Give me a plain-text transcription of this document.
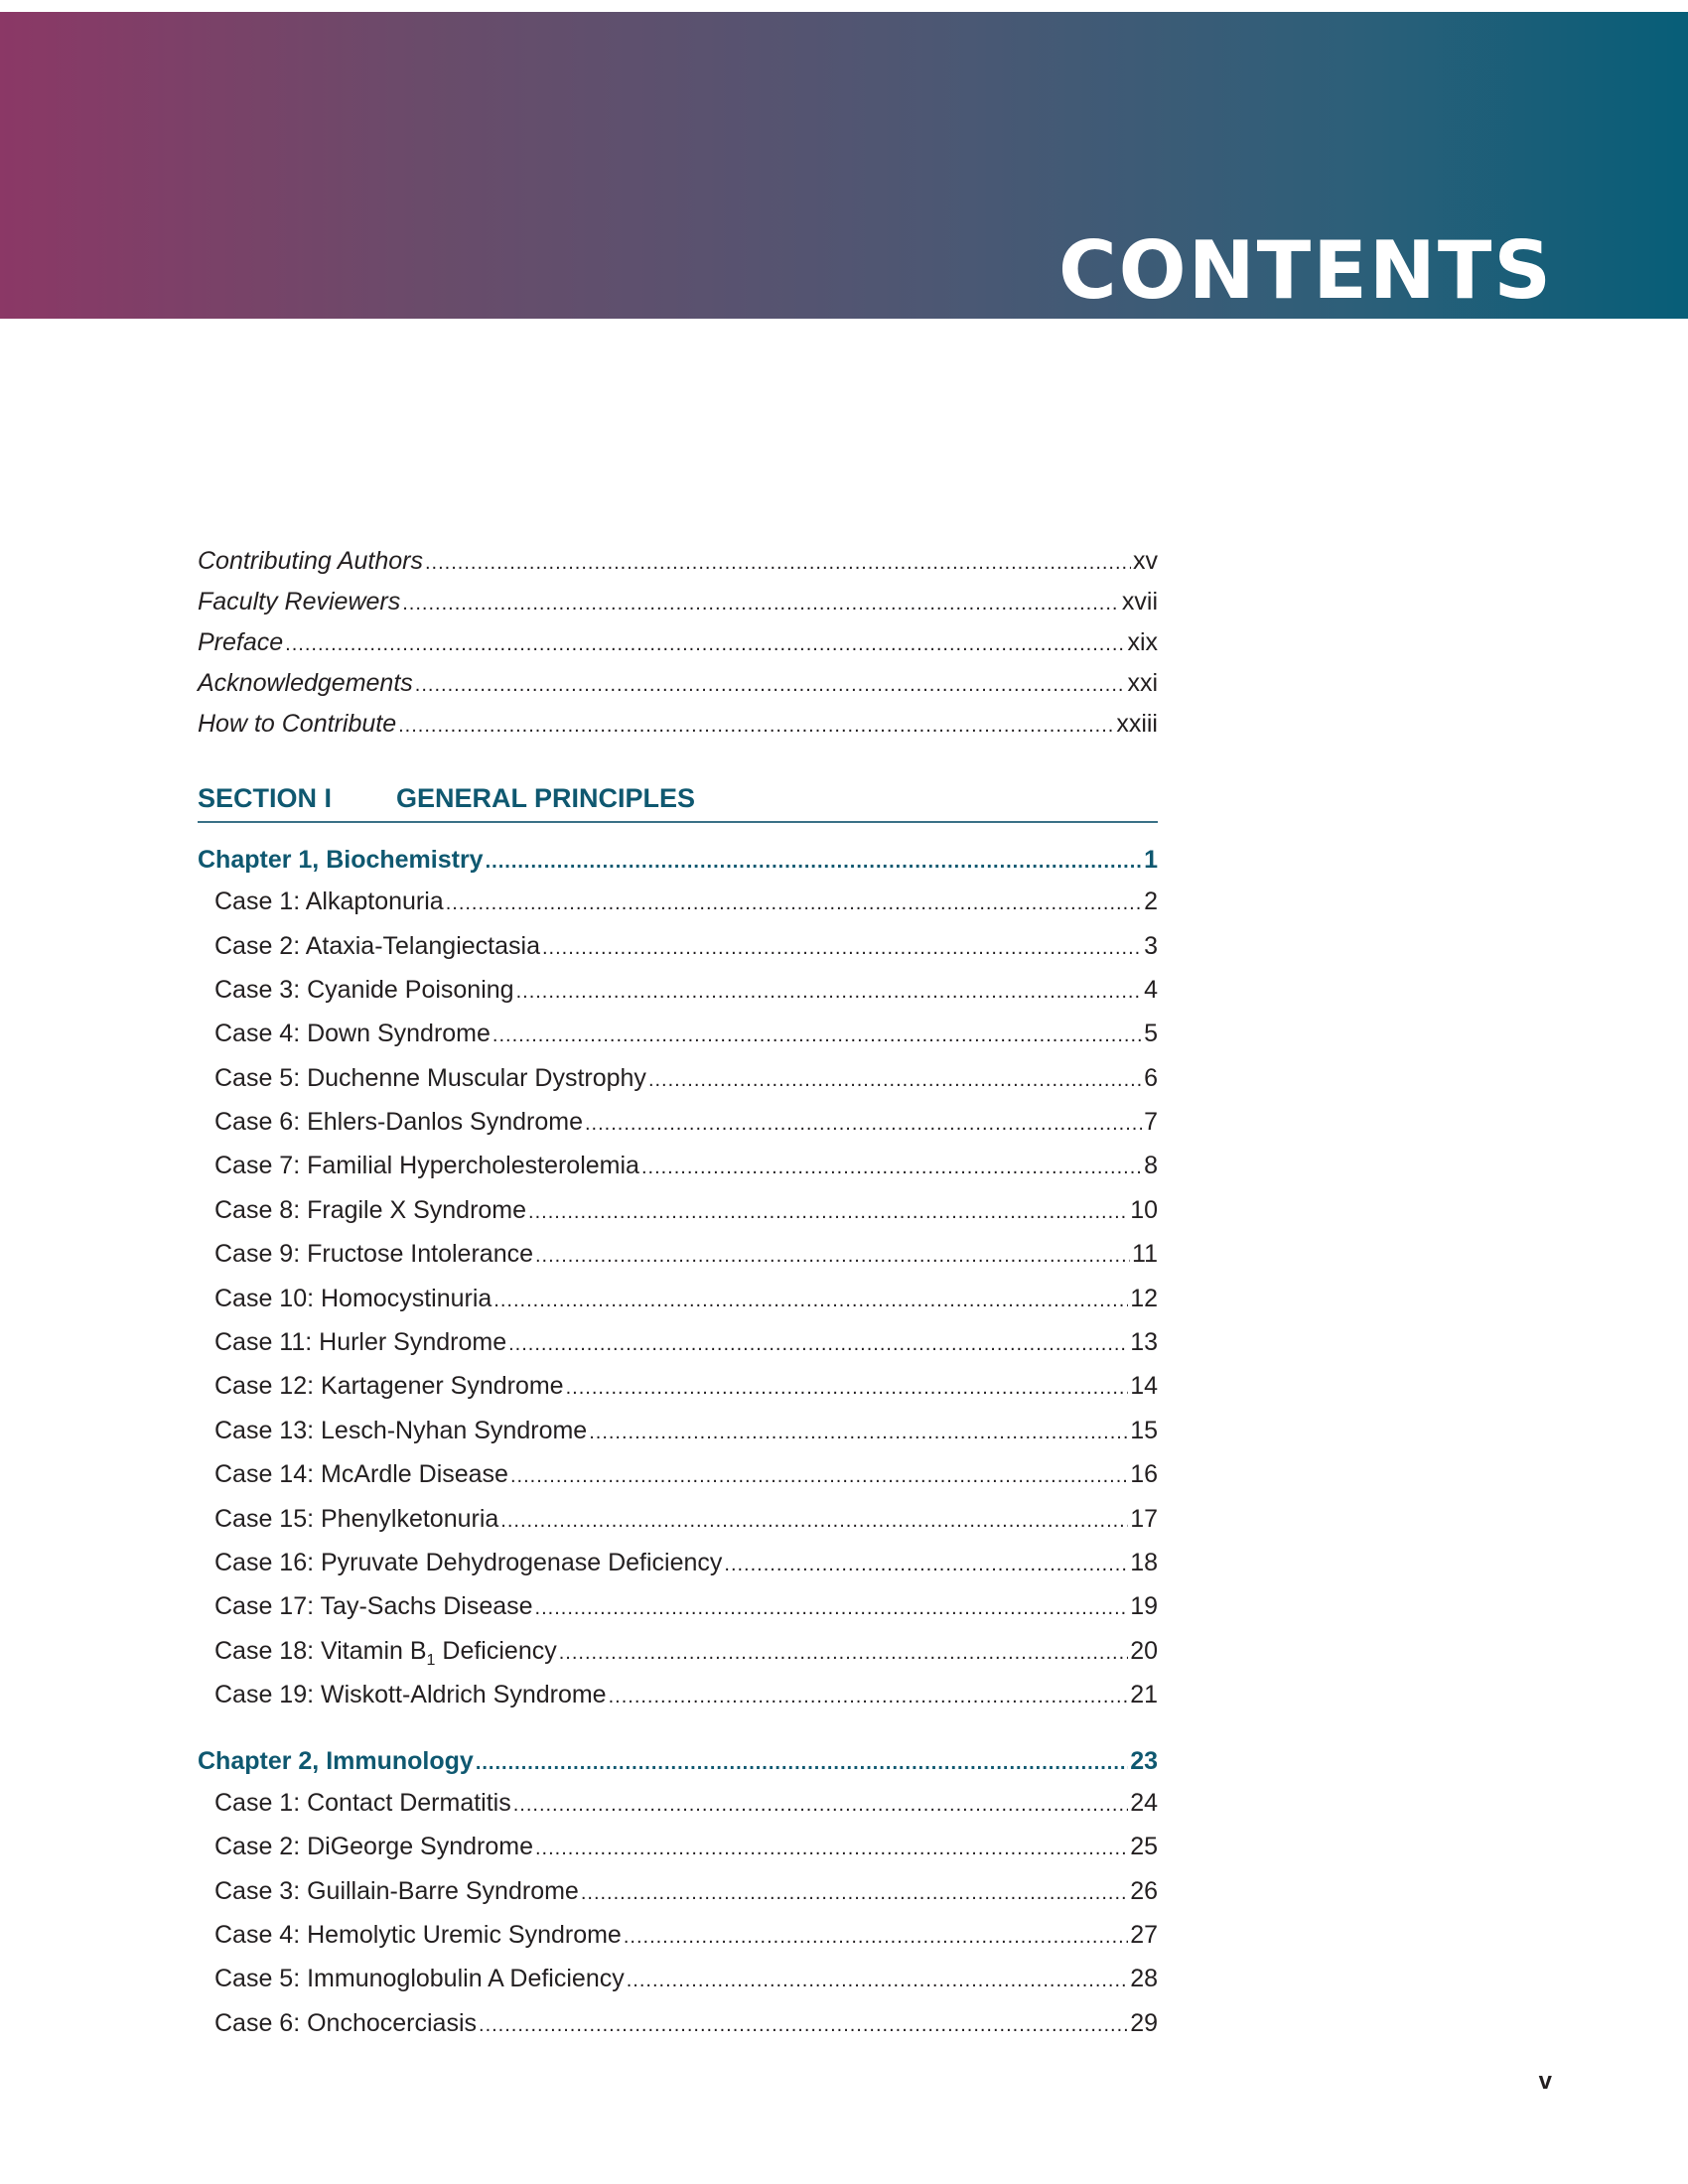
CONTENTS
Contributing Authors .....	xv
Faculty Reviewers .....	xvii
Preface .....	xix
Acknowledgements .....	xxi
How to Contribute .....	xxiii
SECTION I GENERAL PRINCIPLES
Chapter 1, Biochemistry .....	1
Case 1: Alkaptonuria .....	2
Case 2: Ataxia-Telangiectasia .....	3
Case 3: Cyanide Poisoning .....	4
Case 4: Down Syndrome .....	5
Case 5: Duchenne Muscular Dystrophy .....	6
Case 6: Ehlers-Danlos Syndrome .....	7
Case 7: Familial Hypercholesterolemia .....	8
Case 8: Fragile X Syndrome .....	10
Case 9: Fructose Intolerance .....	11
Case 10: Homocystinuria .....	12
Case 11: Hurler Syndrome .....	13
Case 12: Kartagener Syndrome .....	14
Case 13: Lesch-Nyhan Syndrome .....	15
Case 14: McArdle Disease .....	16
Case 15: Phenylketonuria .....	17
Case 16: Pyruvate Dehydrogenase Deficiency .....	18
Case 17: Tay-Sachs Disease .....	19
Case 18: Vitamin $B_1$ Deficiency .....	20
Case 19: Wiskott-Aldrich Syndrome .....	21
Chapter 2, Immunology .....	23
Case 1: Contact Dermatitis .....	24
Case 2: DiGeorge Syndrome .....	25
Case 3: Guillain-Barre Syndrome .....	26
Case 4: Hemolytic Uremic Syndrome .....	27
Case 5: Immunoglobulin A Deficiency .....	28
Case 6: Onchocerciasis .....	29
v
